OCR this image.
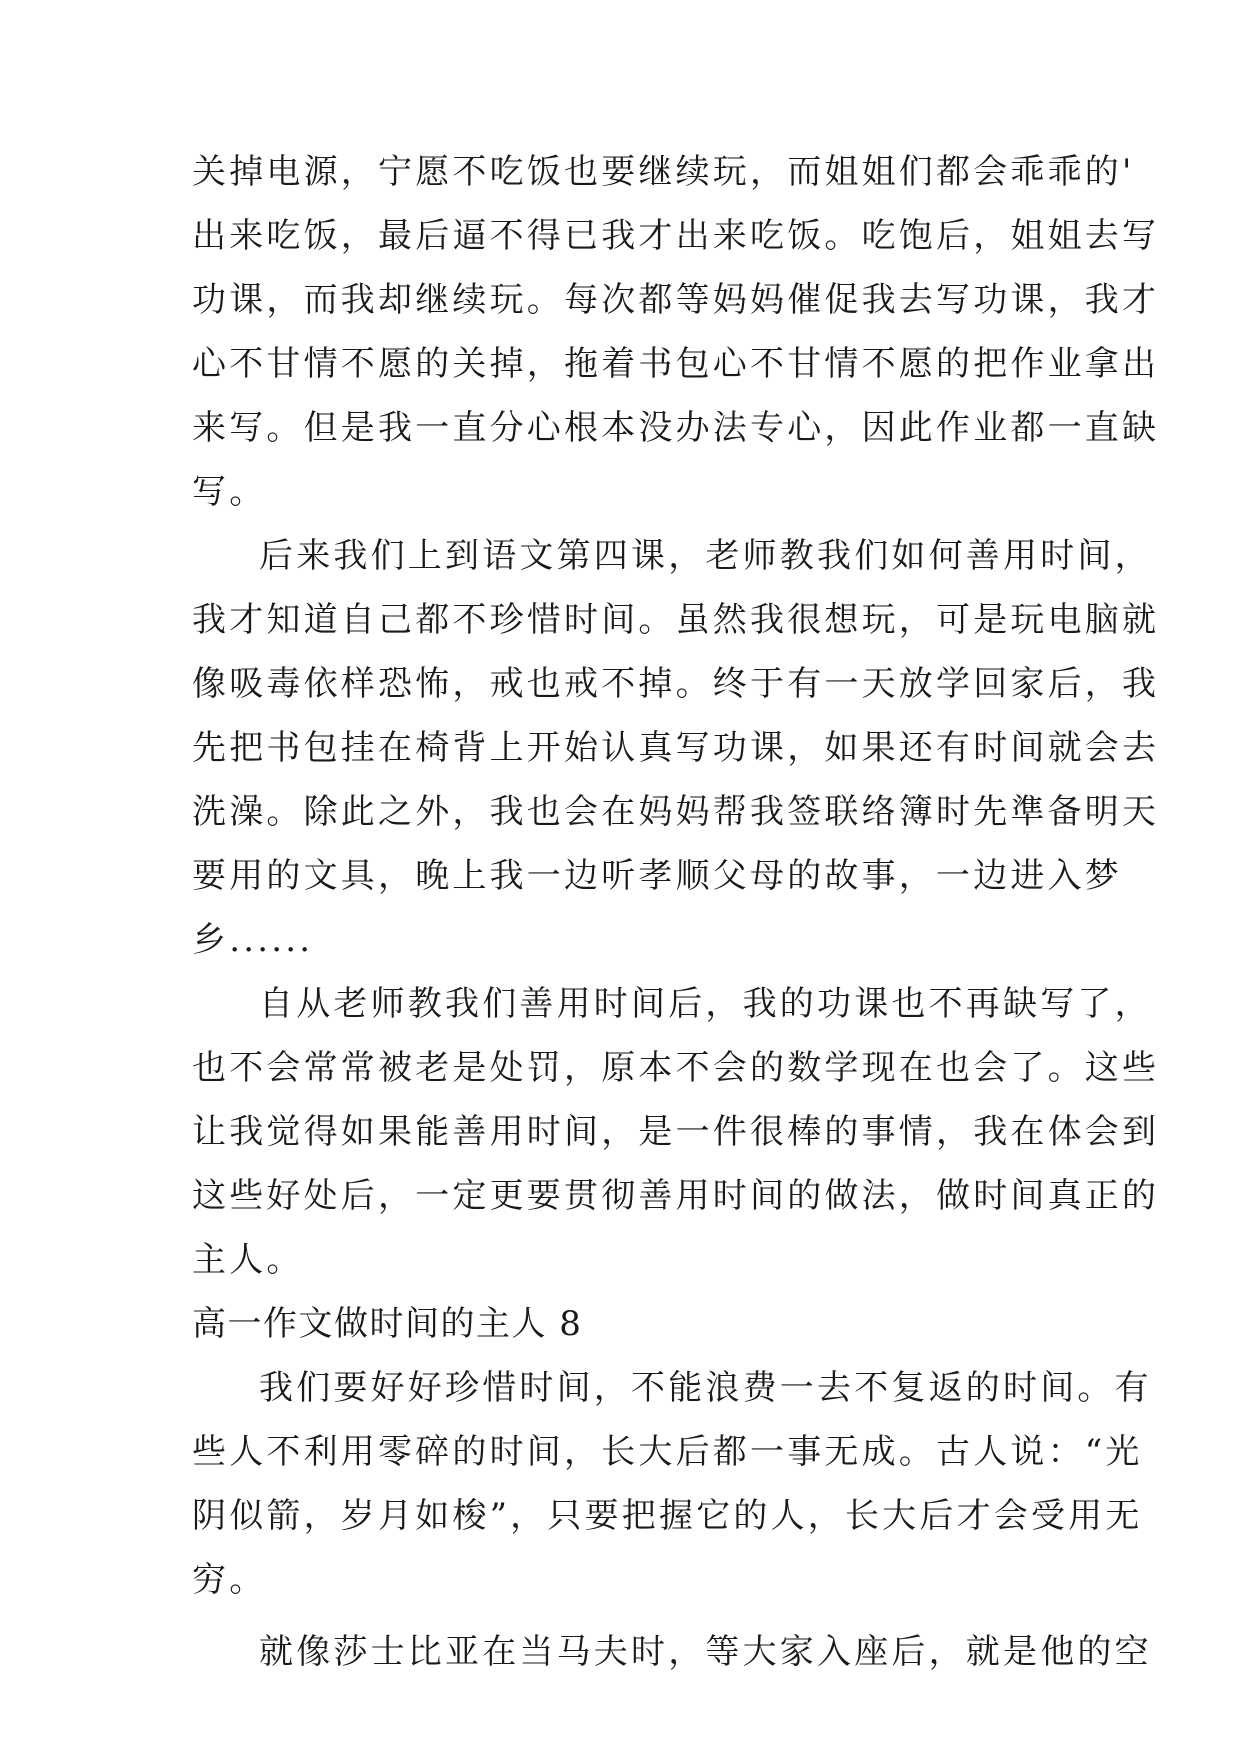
关掉电源，宁愿不吃饭也要继续玩，而姐姐们都会乖乖的'
出来吃饭，最后逼不得已我才出来吃饭。吃饱后，姐姐去写
功课，而我却继续玩。每次都等妈妈催促我去写功课，我才
心不甘情不愿的关掉，拖着书包心不甘情不愿的把作业拿出
来写。但是我一直分心根本没办法专心，因此作业都一直缺
写。
后来我们上到语文第四课，老师教我们如何善用时间，
我才知道自己都不珍惜时间。虽然我很想玩，可是玩电脑就
像吸毒依样恐怖，戒也戒不掉。终于有一天放学回家后，我
先把书包挂在椅背上开始认真写功课，如果还有时间就会去
洗澡。除此之外，我也会在妈妈帮我签联络簿时先準备明天
要用的文具，晚上我一边听孝顺父母的故事，一边进入梦
乡......
自从老师教我们善用时间后，我的功课也不再缺写了，
也不会常常被老是处罚，原本不会的数学现在也会了。这些
让我觉得如果能善用时间，是一件很棒的事情，我在体会到
这些好处后，一定更要贯彻善用时间的做法，做时间真正的
主人。
高一作文做时间的主人 8
我们要好好珍惜时间，不能浪费一去不复返的时间。有
些人不利用零碎的时间，长大后都一事无成。古人说：“光
阴似箭，岁月如梭”，只要把握它的人，长大后才会受用无
穷。
就像莎士比亚在当马夫时，等大家入座后，就是他的空
